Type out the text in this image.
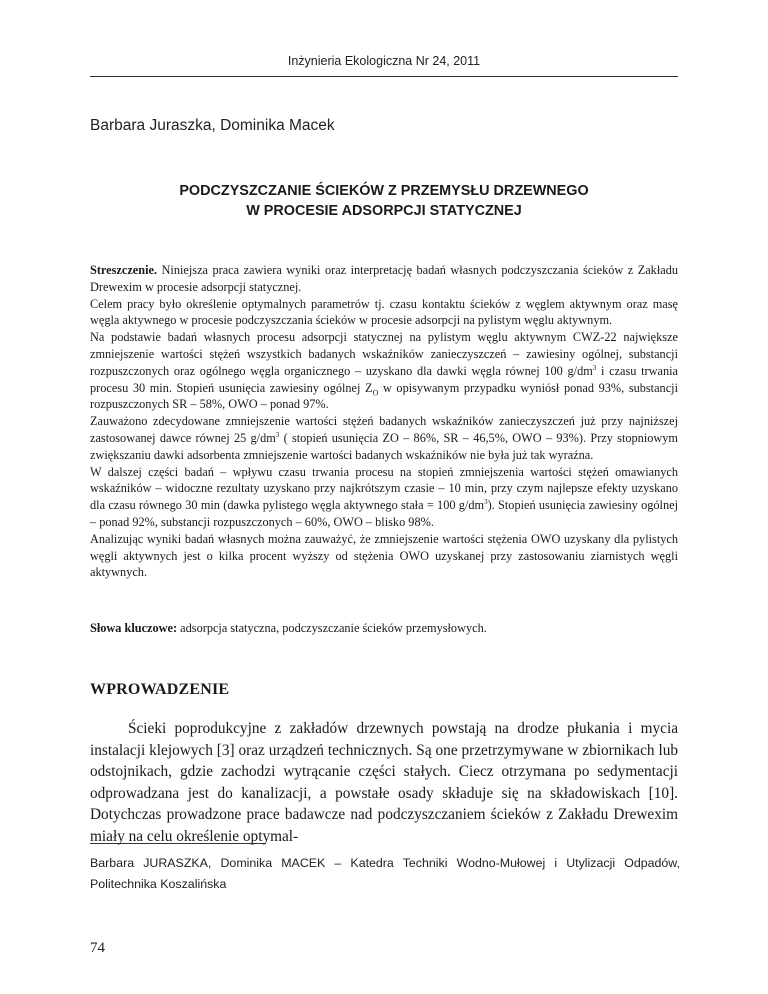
Inżynieria Ekologiczna Nr 24, 2011
Barbara Juraszka, Dominika Macek
PODCZYSZCZANIE ŚCIEKÓW Z PRZEMYSŁU DRZEWNEGO
W PROCESIE ADSORPCJI STATYCZNEJ

Streszczenie. Niniejsza praca zawiera wyniki oraz interpretację badań własnych podczyszczania ścieków z Zakładu Drewexim w procesie adsorpcji statycznej.

Celem pracy było określenie optymalnych parametrów tj. czasu kontaktu ścieków z węglem aktywnym oraz masę węgla aktywnego w procesie podczyszczania ścieków w procesie adsorpcji na pylistym węglu aktywnym.

Na podstawie badań własnych procesu adsorpcji statycznej na pylistym węglu aktywnym CWZ-22 największe zmniejszenie wartości stężeń wszystkich badanych wskaźników zanieczyszczeń – zawiesiny ogólnej, substancji rozpuszczonych oraz ogólnego węgla organicznego – uzyskano dla dawki węgla równej 100 $g/dm^3$ i czasu trwania procesu 30 min. Stopień usunięcia zawiesiny ogólnej $Z_O$ w opisywanym przypadku wyniósł ponad 93%, substancji rozpuszczonych SR – 58%, OWO – ponad 97%.

Zauważono zdecydowane zmniejszenie wartości stężeń badanych wskaźników zanieczyszczeń już przy najniższej zastosowanej dawce równej 25 $g/dm^3$ ( stopień usunięcia ZO – 86%, SR – 46,5%, OWO – 93%). Przy stopniowym zwiększaniu dawki adsorbenta zmniejszenie wartości badanych wskaźników nie była już tak wyraźna.

W dalszej części badań – wpływu czasu trwania procesu na stopień zmniejszenia wartości stężeń omawianych wskaźników – widoczne rezultaty uzyskano przy najkrótszym czasie – 10 min, przy czym najlepsze efekty uzyskano dla czasu równego 30 min (dawka pylistego węgla aktywnego stała = 100 $g/dm^3$). Stopień usunięcia zawiesiny ogólnej – ponad 92%, substancji rozpuszczonych – 60%, OWO – blisko 98%.

Analizując wyniki badań własnych można zauważyć, że zmniejszenie wartości stężenia OWO uzyskany dla pylistych węgli aktywnych jest o kilka procent wyższy od stężenia OWO uzyskanej przy zastosowaniu ziarnistych węgli aktywnych.

Słowa kluczowe: adsorpcja statyczna, podczyszczanie ścieków przemysłowych.
WPROWADZENIE

Ścieki poprodukcyjne z zakładów drzewnych powstają na drodze płukania i mycia instalacji klejowych [3] oraz urządzeń technicznych. Są one przetrzymywane w zbiornikach lub odstojnikach, gdzie zachodzi wytrącanie części stałych. Ciecz otrzymana po sedymentacji odprowadzana jest do kanalizacji, a powstałe osady składuje się na składowiskach [10]. Dotychczas prowadzone prace badawcze nad podczyszczaniem ścieków z Zakładu Drewexim miały na celu określenie optymal-

Barbara JURASZKA, Dominika MACEK – Katedra Techniki Wodno-Mułowej i Utylizacji Odpadów, Politechnika Koszalińska

74
